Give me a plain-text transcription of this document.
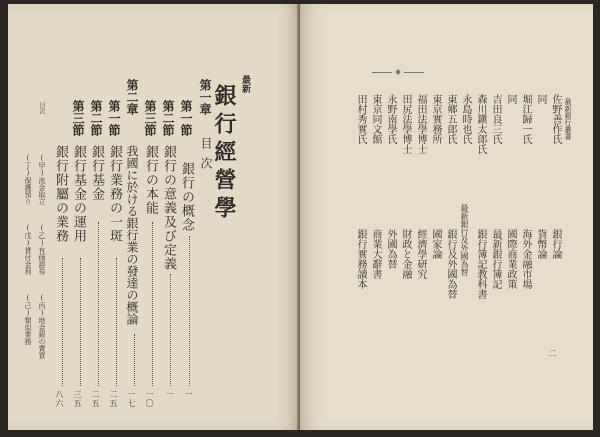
最新
銀行經營學
目次
第一章
銀行の概念
一
第一節
銀行の意義及び定義
一
第二節
銀行の本能
一〇
第三節
我國に於ける銀行業の發達の概論
一七
第二章
銀行業務の一斑
二五
第一節
銀行基金
二五
第二節
銀行基金の運用
三五
第三節
銀行附屬の業務
八六
目次
(甲)流金取立
(乙)有価證券
(丙)地金銀の賣買
(丁)保護預り
(戊)貸付金利
(己)類似業務
最新銀行叢書
佐野善作氏
銀行論
同
貨幣論
堀江歸一氏
海外金融市場
同
國際商業政策
吉田良三氏
最新銀行簿記
森川鎭太郎氏
銀行簿記教科書
永島時也氏
最新銀行及外國為替
東鄉五郎氏
銀行及外國為替
東京實務所
國家論
福田法學博士
經濟學研究
田尻法學博士
財政と金融
永野南學氏
外國為替
東京同文館
商業大辭書
田村秀實氏
銀行實務讀本
二
